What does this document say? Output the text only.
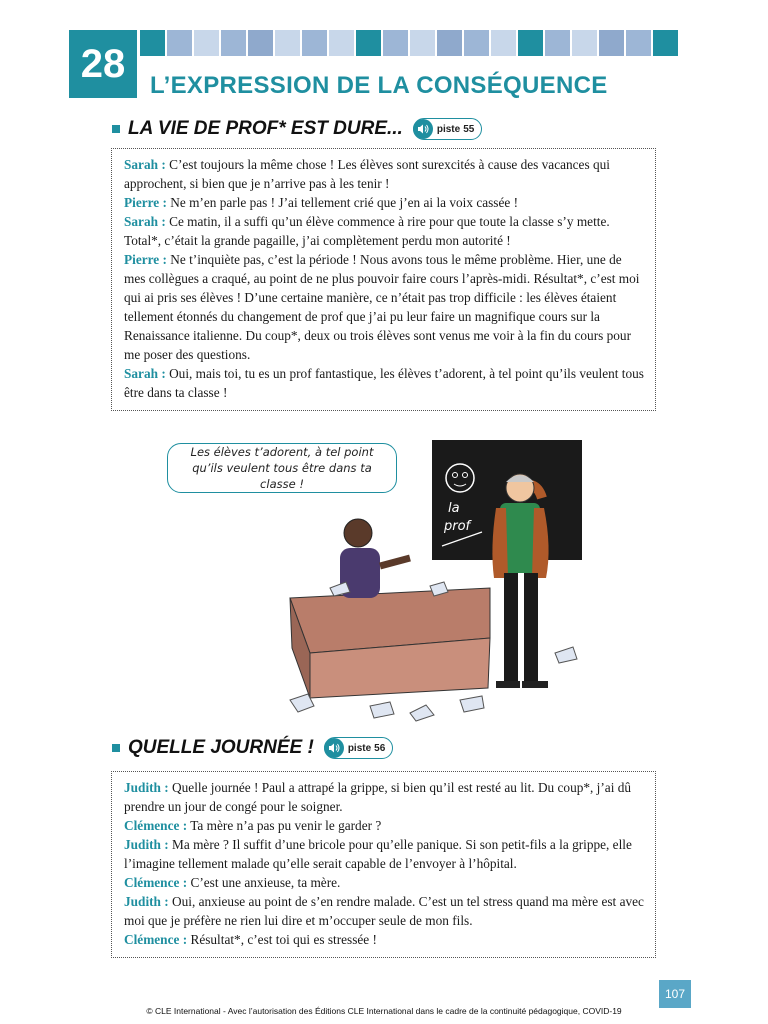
28	L’EXPRESSION DE LA CONSÉQUENCE
LA VIE DE PROF* EST DURE...	piste 55

Sarah : C’est toujours la même chose ! Les élèves sont surexcités à cause des vacances qui approchent, si bien que je n’arrive pas à les tenir !

Pierre : Ne m’en parle pas ! J’ai tellement crié que j’en ai la voix cassée !

Sarah : Ce matin, il a suffi qu’un élève commence à rire pour que toute la classe s’y mette. Total*, c’était la grande pagaille, j’ai complètement perdu mon autorité !

Pierre : Ne t’inquiète pas, c’est la période ! Nous avons tous le même problème. Hier, une de mes collègues a craqué, au point de ne plus pouvoir faire cours l’après-midi. Résultat*, c’est moi qui ai pris ses élèves ! D’une certaine manière, ce n’était pas trop difficile : les élèves étaient tellement étonnés du changement de prof que j’ai pu leur faire un magnifique cours sur la Renaissance italienne. Du coup*, deux ou trois élèves sont venus me voir à la fin du cours pour me poser des questions.

Sarah : Oui, mais toi, tu es un prof fantastique, les élèves t’adorent, à tel point qu’ils veulent tous être dans ta classe !

la
prof
Les élèves t’adorent, à tel point qu’ils veulent tous être dans ta classe !
QUELLE JOURNÉE !	piste 56

Judith : Quelle journée ! Paul a attrapé la grippe, si bien qu’il est resté au lit. Du coup*, j’ai dû prendre un jour de congé pour le soigner.

Clémence : Ta mère n’a pas pu venir le garder ?

Judith : Ma mère ? Il suffit d’une bricole pour qu’elle panique. Si son petit-fils a la grippe, elle l’imagine tellement malade qu’elle serait capable de l’envoyer à l’hôpital.

Clémence : C’est une anxieuse, ta mère.

Judith : Oui, anxieuse au point de s’en rendre malade. C’est un tel stress quand ma mère est avec moi que je préfère ne rien lui dire et m’occuper seule de mon fils.

Clémence : Résultat*, c’est toi qui es stressée !

107
© CLE International - Avec l’autorisation des Éditions CLE International dans le cadre de la continuité pédagogique, COVID-19
